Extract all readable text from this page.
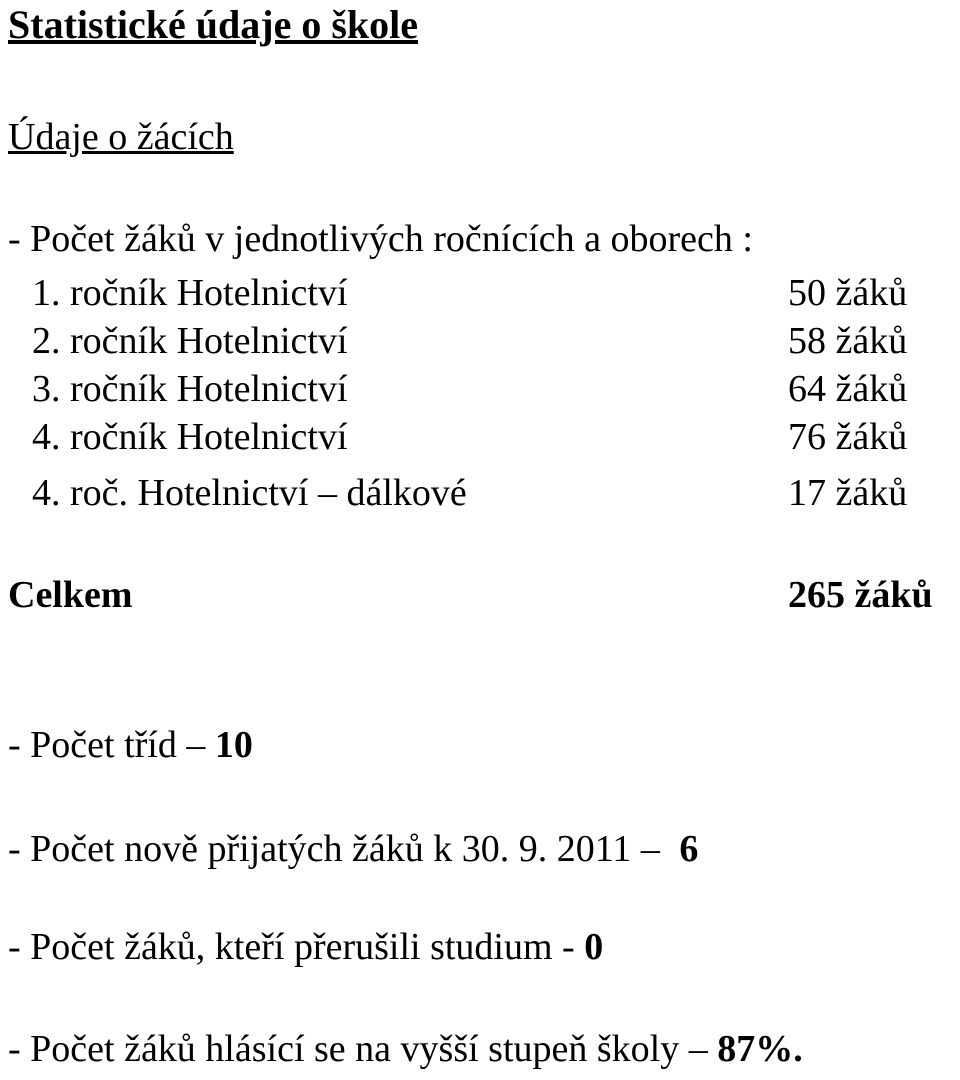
Statistické údaje o škole
Údaje o žácích
- Počet žáků v jednotlivých ročnících a oborech :
1. ročník Hotelnictví	50 žáků
2. ročník Hotelnictví	58 žáků
3. ročník Hotelnictví	64 žáků
4. ročník Hotelnictví	76 žáků
4. roč. Hotelnictví – dálkové	17 žáků
Celkem	265 žáků
- Počet tříd – 10
- Počet nově přijatých žáků k 30. 9. 2011 – 6
- Počet žáků, kteří přerušili studium - 0
- Počet žáků hlásící se na vyšší stupeň školy – 87%.
